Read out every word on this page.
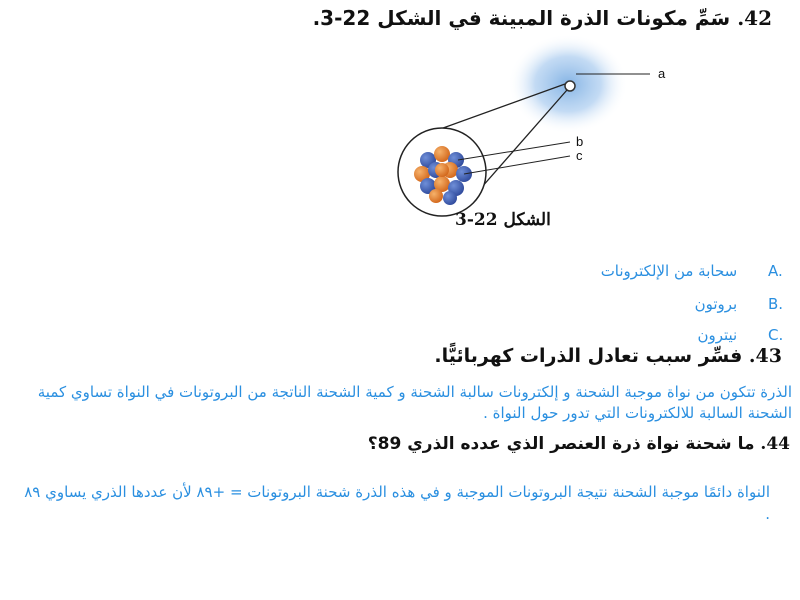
42. سَمِّ مكونات الذرة المبينة في الشكل 22-3.
a
b
c
الشكل 22-3
سحابة من الإلكترونات A.
بروتون B.
نيترون C.
43. فسِّر سبب تعادل الذرات كهربائيًّا.
الذرة تتكون من نواة موجبة الشحنة و إلكترونات سالبة الشحنة و كمية الشحنة الناتجة من البروتونات في النواة تساوي كمية الشحنة السالبة للالكترونات التي تدور حول النواة .
44. ما شحنة نواة ذرة العنصر الذي عدده الذري 89؟
النواة دائمًا موجبة الشحنة نتيجة البروتونات الموجبة و في هذه الذرة شحنة البروتونات = +٨٩ لأن عددها الذري يساوي ٨٩ .
